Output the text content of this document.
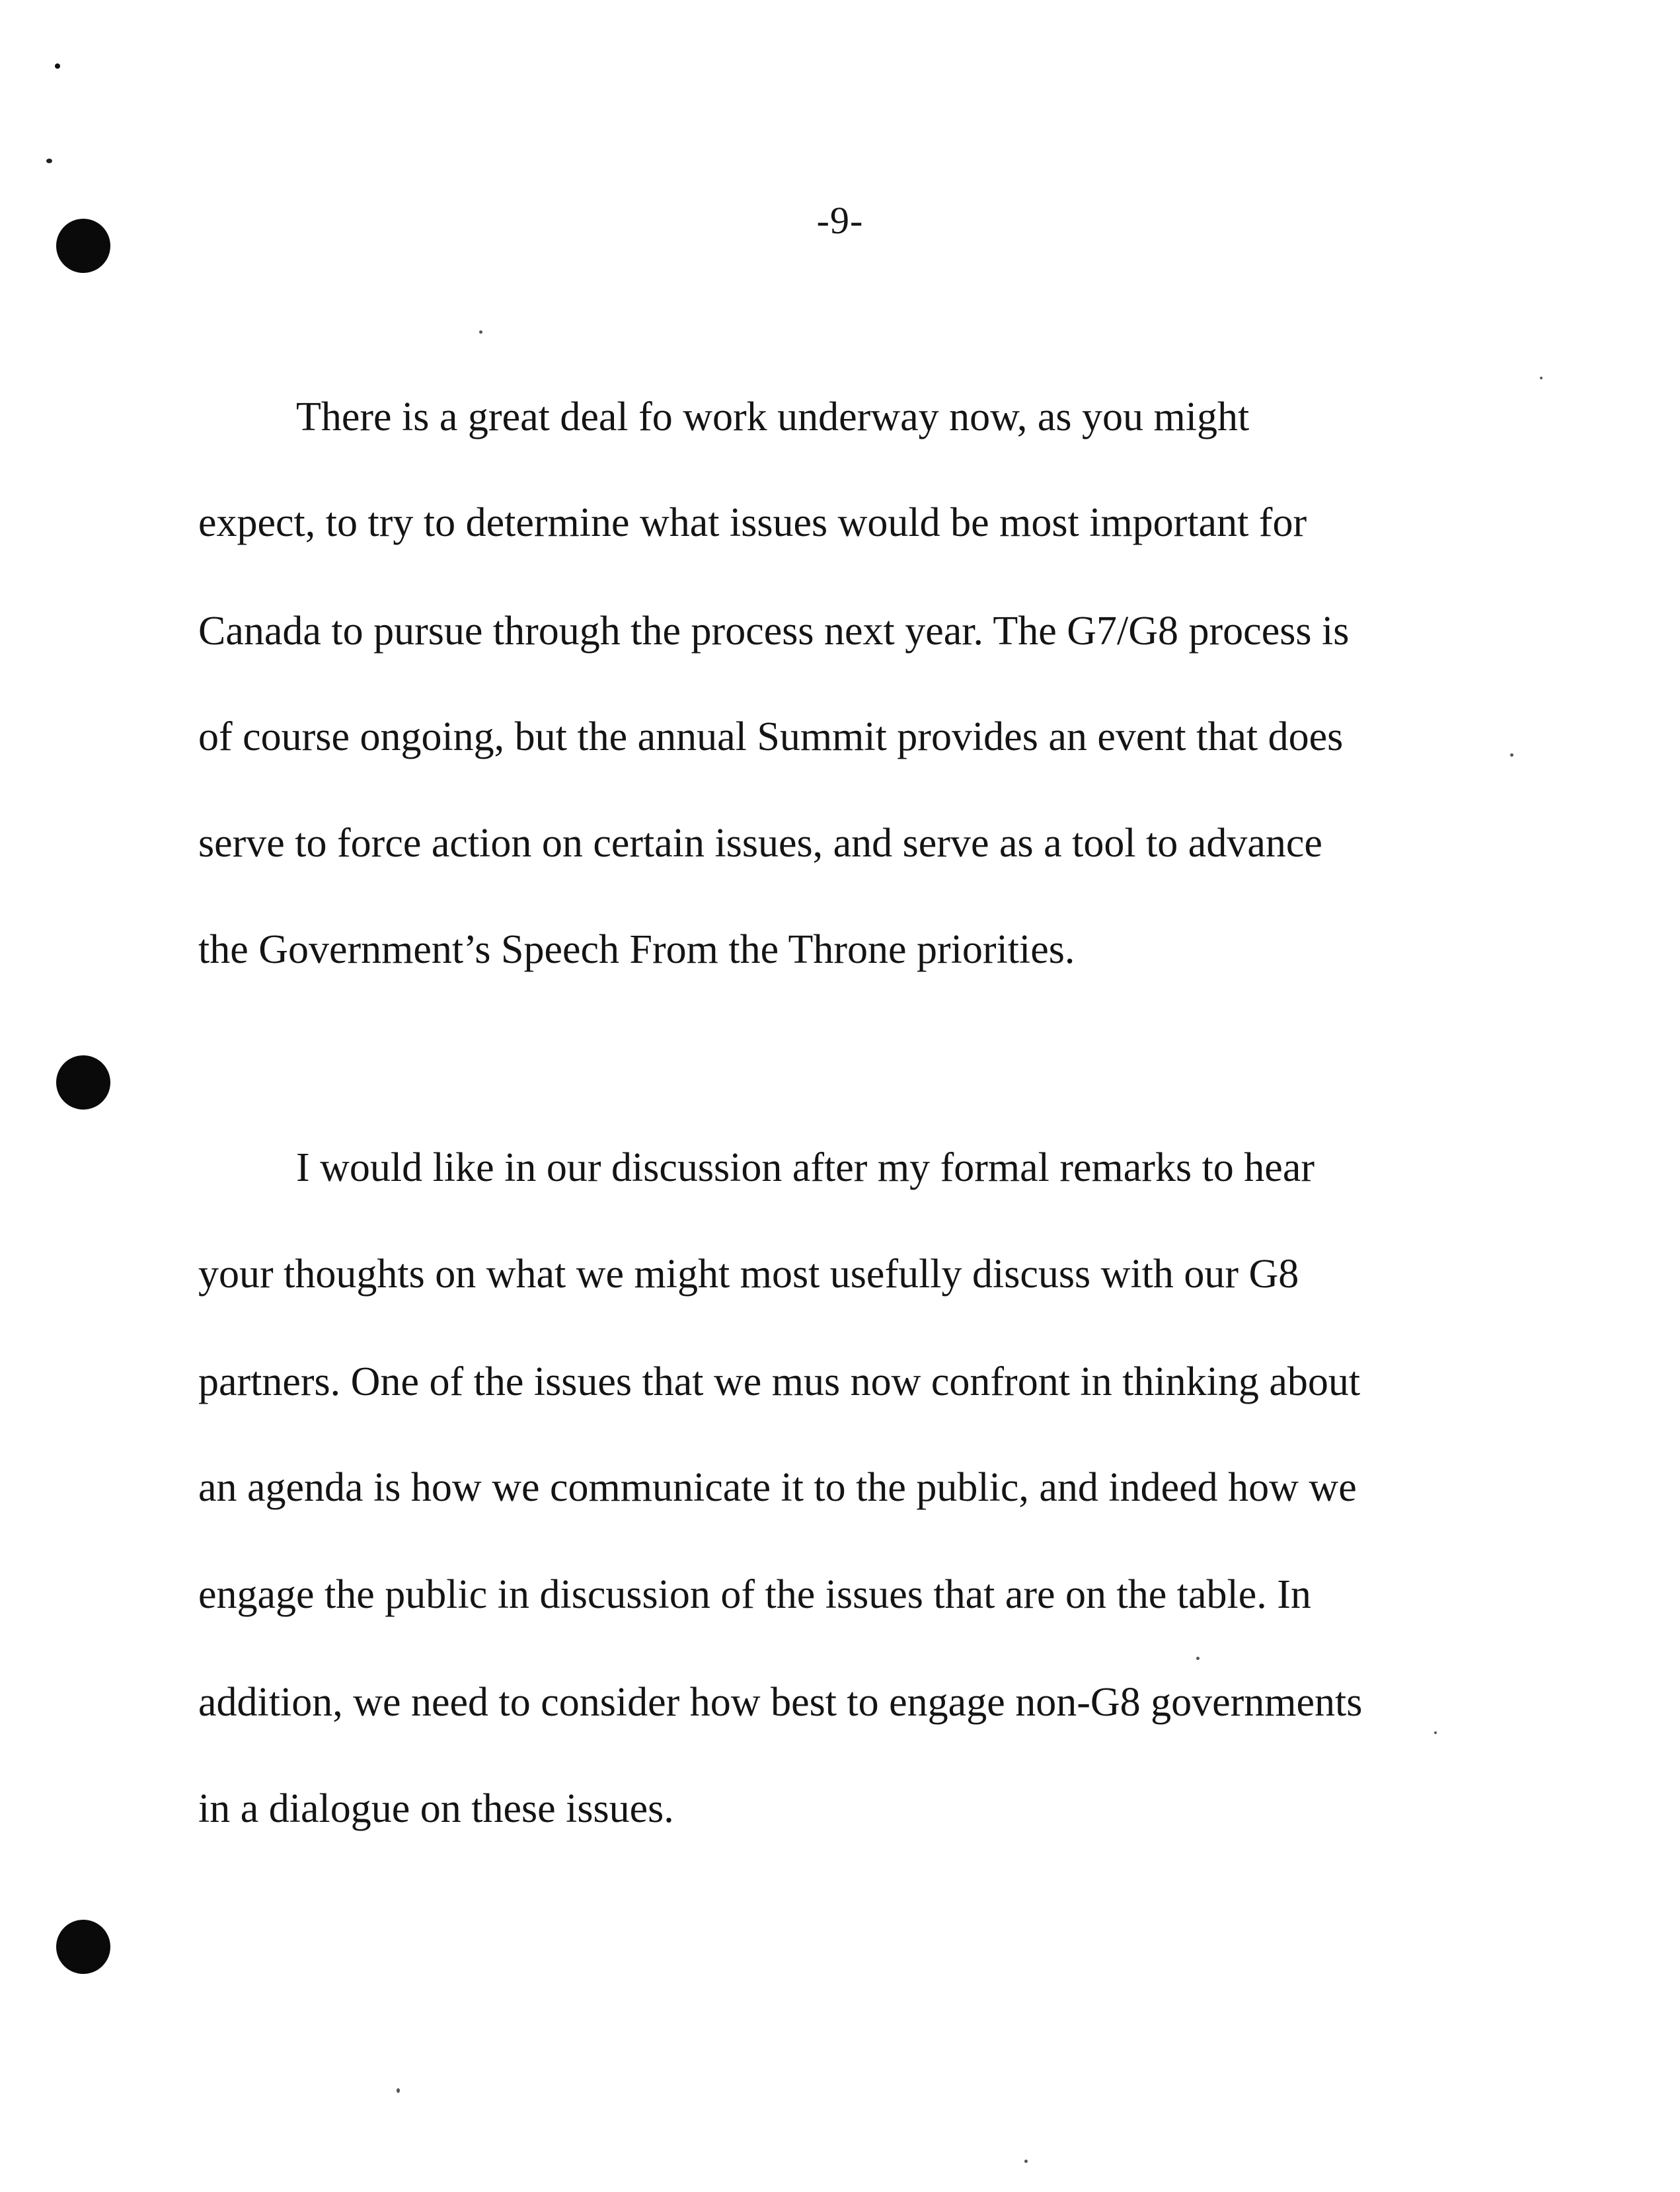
-9-
There is a great deal fo work underway now, as you might
expect, to try to determine what issues would be most important for
Canada to pursue through the process next year. The G7/G8 process is
of course ongoing, but the annual Summit provides an event that does
serve to force action on certain issues, and serve as a tool to advance
the Government’s Speech From the Throne priorities.
I would like in our discussion after my formal remarks to hear
your thoughts on what we might most usefully discuss with our G8
partners. One of the issues that we mus now confront in thinking about
an agenda is how we communicate it to the public, and indeed how we
engage the public in discussion of the issues that are on the table. In
addition, we need to consider how best to engage non-G8 governments
in a dialogue on these issues.
